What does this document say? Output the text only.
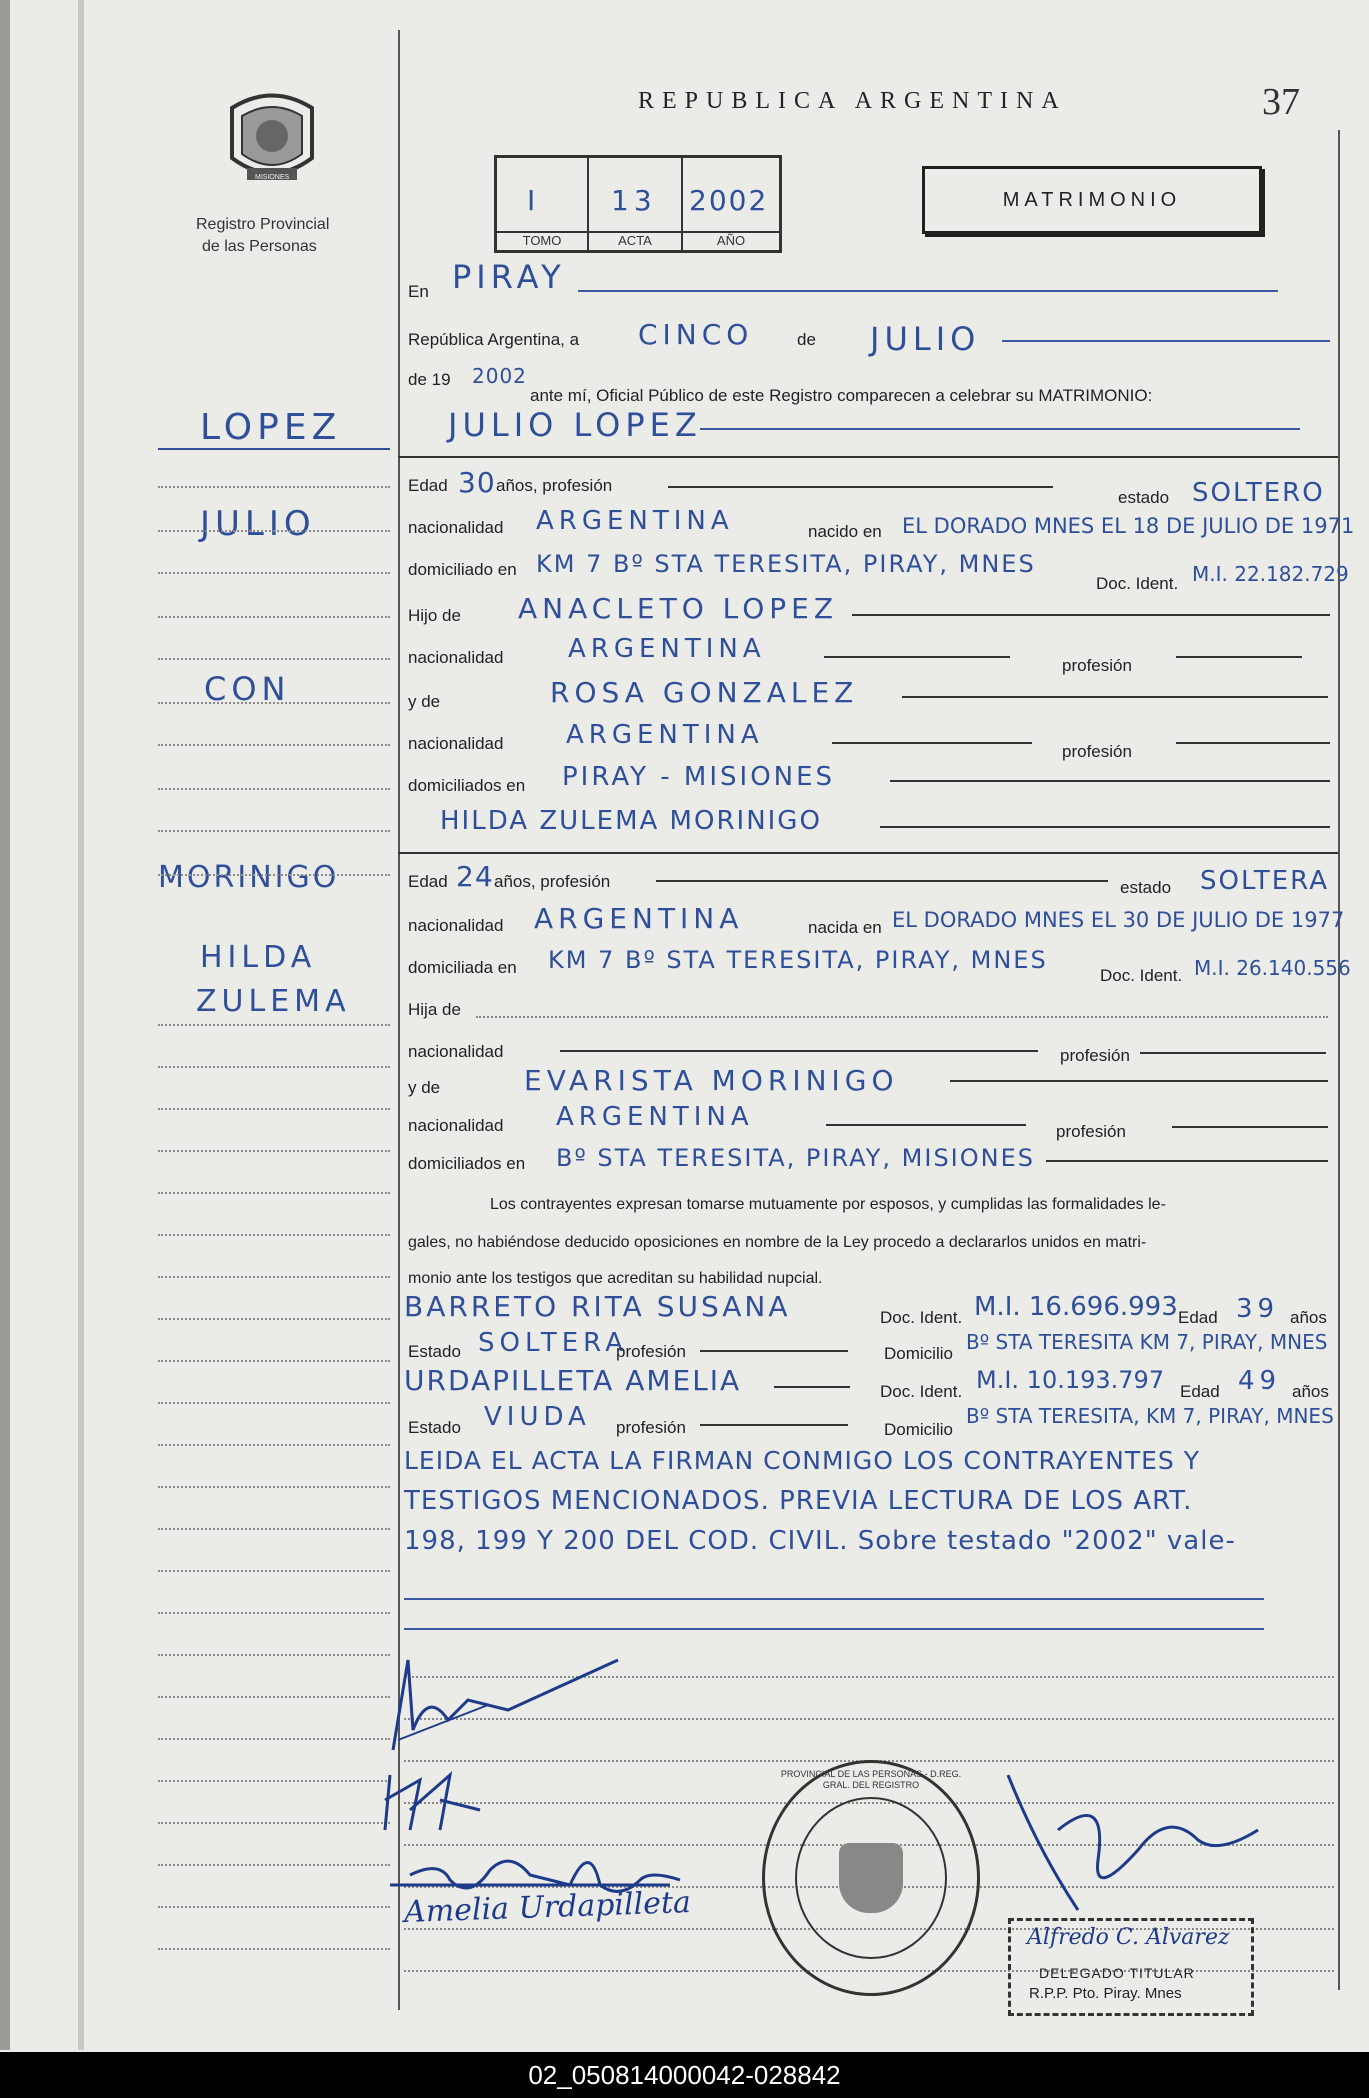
MISIONES
Registro Provincial
de las Personas
REPUBLICA ARGENTINA	37
I
TOMO
13
ACTA
2002
AÑO
MATRIMONIO
LOPEZ
JULIO
CON
MORINIGO
HILDA
ZULEMA
En PIRAY
República Argentina, a CINCO	de JULIO
de 19 2002
ante mí, Oficial Público de este Registro comparecen a celebrar su MATRIMONIO:
JULIO LOPEZ
Edad 30 años, profesión
estado SOLTERO
nacionalidad ARGENTINA	nacido en EL DORADO MNES EL 18 DE JULIO DE 1971
domiciliado en KM 7 Bº STA TERESITA, PIRAY, MNES
Doc. Ident. M.I. 22.182.729
Hijo de ANACLETO LOPEZ
nacionalidad ARGENTINA
profesión
y de	ROSA GONZALEZ
nacionalidad ARGENTINA
profesión
domiciliados en PIRAY - MISIONES
HILDA ZULEMA MORINIGO
Edad 24 años, profesión	estado SOLTERA
nacionalidad ARGENTINA	nacida en EL DORADO MNES EL 30 DE JULIO DE 1977
domiciliada en KM 7 Bº STA TERESITA, PIRAY, MNES
Doc. Ident. M.I. 26.140.556
Hija de
nacionalidad	profesión
y de	EVARISTA MORINIGO
nacionalidad ARGENTINA	profesión
domiciliados en Bº STA TERESITA, PIRAY, MISIONES
Los contrayentes expresan tomarse mutuamente por esposos, y cumplidas las formalidades le-
gales, no habiéndose deducido oposiciones en nombre de la Ley procedo a declararlos unidos en matri-
monio ante los testigos que acreditan su habilidad nupcial.
BARRETO RITA SUSANA	Doc. Ident. M.I. 16.696.993 Edad 39 años
Estado SOLTERA
profesión	Domicilio Bº STA TERESITA KM 7, PIRAY, MNES
URDAPILLETA AMELIA	Doc. Ident. M.I. 10.193.797 Edad 49 años
Estado VIUDA profesión	Domicilio
Bº STA TERESITA, KM 7, PIRAY, MNES
LEIDA EL ACTA LA FIRMAN CONMIGO LOS CONTRAYENTES Y
TESTIGOS MENCIONADOS. PREVIA LECTURA DE LOS ART.
198, 199 Y 200 DEL COD. CIVIL. Sobre testado "2002" vale-
Amelia Urdapilleta
PROVINCIAL DE LAS PERSONAS - D.REG. GRAL. DEL REGISTRO
Alfredo C. Alvarez
DELEGADO TITULAR
R.P.P. Pto. Piray. Mnes
02_050814000042-028842
